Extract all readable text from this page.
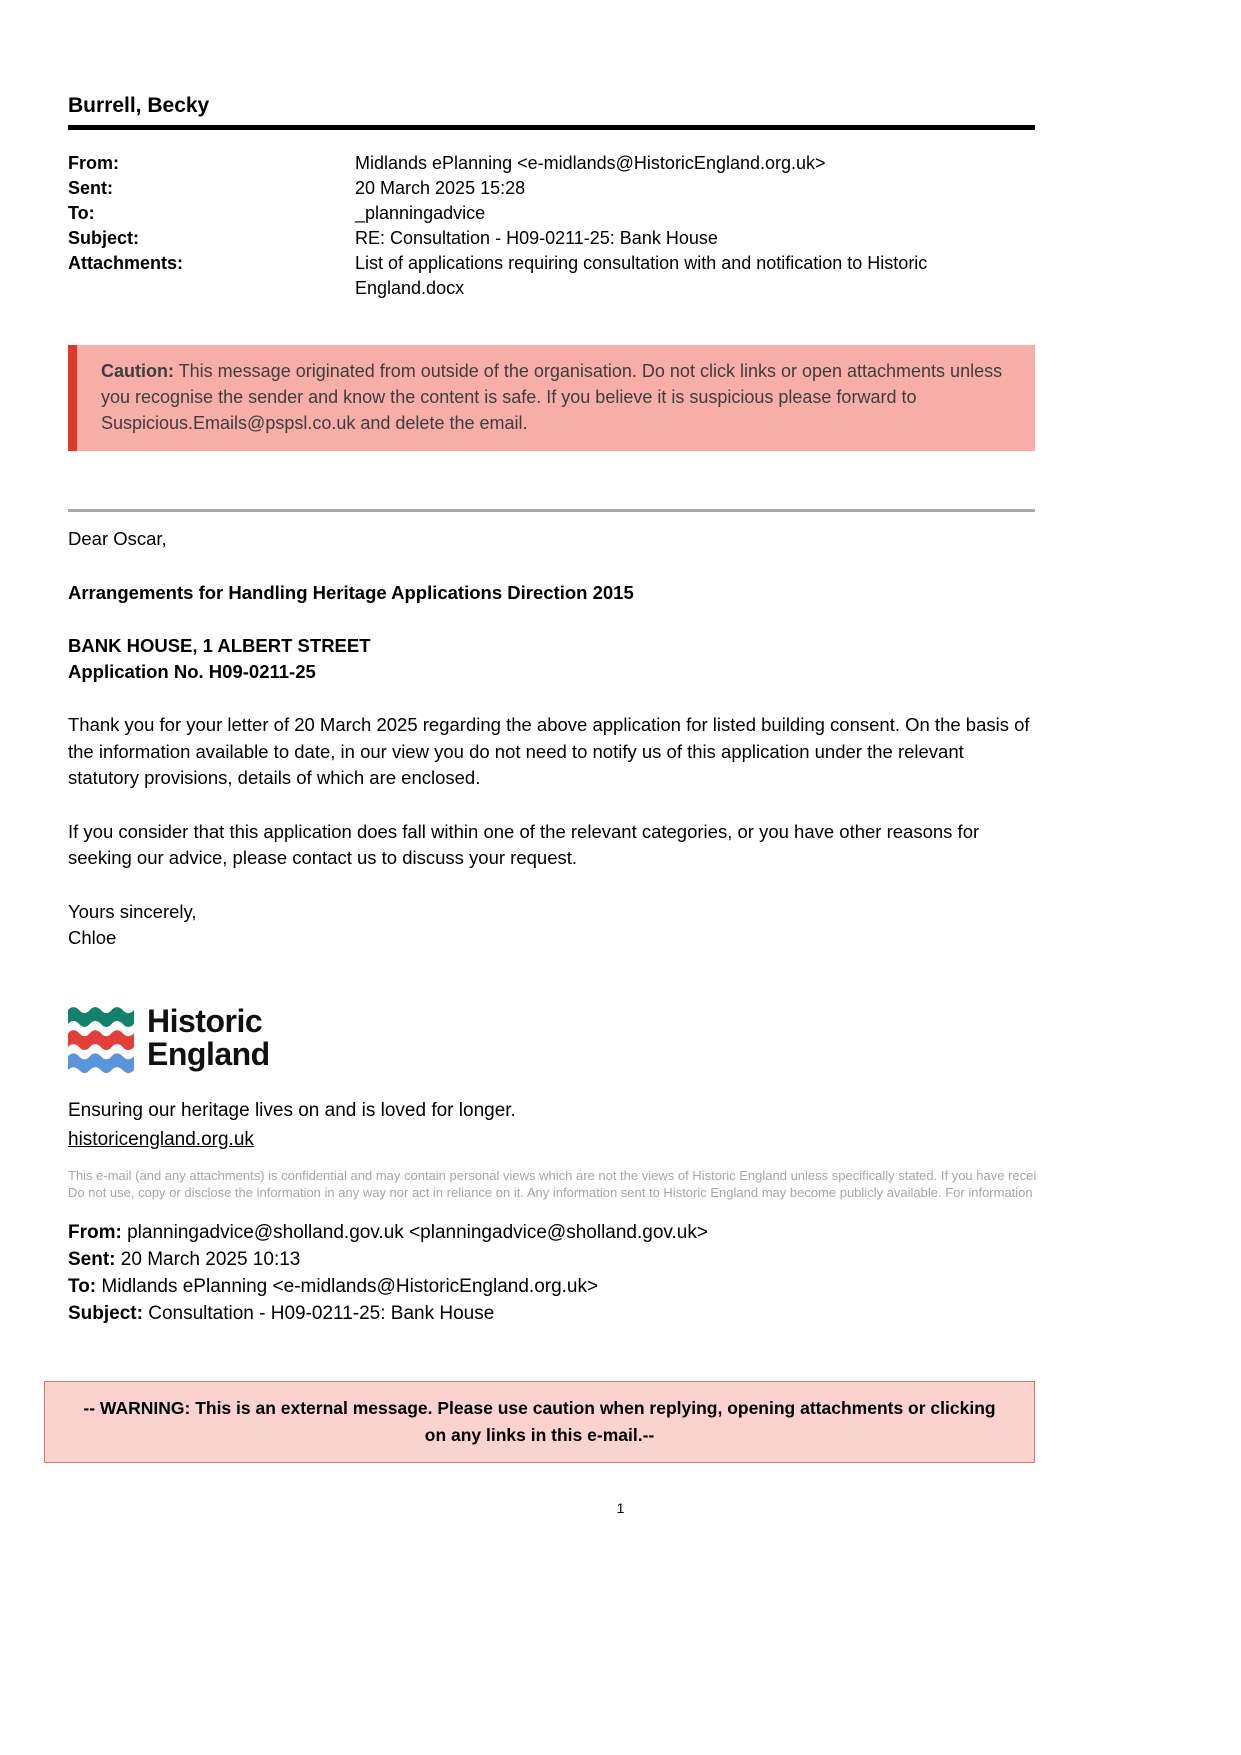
Burrell, Becky
From:	Midlands ePlanning <e-midlands@HistoricEngland.org.uk>
Sent:	20 March 2025 15:28
To:	_planningadvice
Subject:	RE: Consultation - H09-0211-25: Bank House
Attachments:	List of applications requiring consultation with and notification to Historic England.docx
Caution: This message originated from outside of the organisation. Do not click links or open attachments unless you recognise the sender and know the content is safe. If you believe it is suspicious please forward to Suspicious.Emails@pspsl.co.uk and delete the email.
Dear Oscar,
Arrangements for Handling Heritage Applications Direction 2015
BANK HOUSE, 1 ALBERT STREET
Application No. H09-0211-25
Thank you for your letter of 20 March 2025 regarding the above application for listed building consent. On the basis of the information available to date, in our view you do not need to notify us of this application under the relevant statutory provisions, details of which are enclosed.
If you consider that this application does fall within one of the relevant categories, or you have other reasons for seeking our advice, please contact us to discuss your request.
Yours sincerely,
Chloe
Historic
England
Ensuring our heritage lives on and is loved for longer.
historicengland.org.uk
This e-mail (and any attachments) is confidential and may contain personal views which are not the views of Historic England unless specifically stated. If you have recei
Do not use, copy or disclose the information in any way nor act in reliance on it. Any information sent to Historic England may become publicly available. For information
From: planningadvice@sholland.gov.uk <planningadvice@sholland.gov.uk>
Sent: 20 March 2025 10:13
To: Midlands ePlanning <e-midlands@HistoricEngland.org.uk>
Subject: Consultation - H09-0211-25: Bank House
-- WARNING: This is an external message. Please use caution when replying, opening attachments or clicking on any links in this e-mail.--
1
